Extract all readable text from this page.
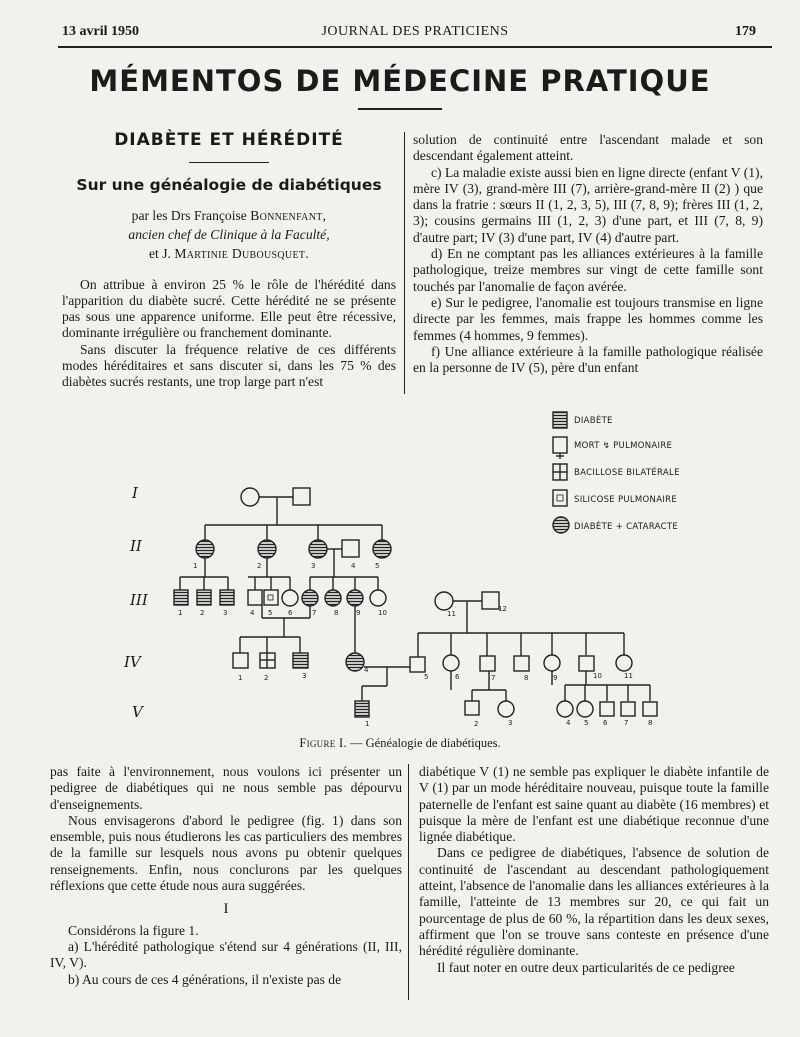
13 avril 1950	JOURNAL DES PRATICIENS	179
MÉMENTOS DE MÉDECINE PRATIQUE
DIABÈTE ET HÉRÉDITÉ
Sur une généalogie de diabétiques
par les Drs Françoise Bonnenfant,
ancien chef de Clinique à la Faculté,
et J. Martinie Dubousquet.

On attribue à environ 25 % le rôle de l'hérédité dans l'apparition du diabète sucré. Cette hérédité ne se présente pas sous une apparence uniforme. Elle peut être récessive, dominante irrégulière ou franchement dominante.

Sans discuter la fréquence relative de ces différents modes héréditaires et sans discuter si, dans les 75 % des diabètes sucrés restants, une trop large part n'est

solution de continuité entre l'ascendant malade et son descendant également atteint.

c) La maladie existe aussi bien en ligne directe (enfant V (1), mère IV (3), grand-mère III (7), arrière-grand-mère II (2) ) que dans la fratrie : sœurs II (1, 2, 3, 5), III (7, 8, 9); frères III (1, 2, 3); cousins germains III (1, 2, 3) d'une part, et III (7, 8, 9) d'autre part; IV (3) d'une part, IV (4) d'autre part.

d) En ne comptant pas les alliances extérieures à la famille pathologique, treize membres sur vingt de cette famille sont touchés par l'anomalie de façon avérée.

e) Sur le pedigree, l'anomalie est toujours transmise en ligne directe par les femmes, mais frappe les hommes comme les femmes (4 hommes, 9 femmes).

f) Une alliance extérieure à la famille pathologique réalisée en la personne de IV (5), père d'un enfant

1	2	3	4	5
1	2	3	4 5 6	7	8	9	10	11
12
1	2	3
4
5	6	7	8	9	10	11
1	2	3	4 5 6 7	8
I
II
III
IV
V
DIABÈTE
MORT ↯ PULMONAIRE
BACILLOSE BILATÉRALE
SILICOSE PULMONAIRE
DIABÈTE + CATARACTE
Figure I. — Généalogie de diabétiques.

pas faite à l'environnement, nous voulons ici présenter un pedigree de diabétiques qui ne nous semble pas dépourvu d'enseignements.

Nous envisagerons d'abord le pedigree (fig. 1) dans son ensemble, puis nous étudierons les cas particuliers des membres de la famille sur lesquels nous avons pu obtenir quelques renseignements. Enfin, nous conclurons par les quelques réflexions que cette étude nous aura suggérées.

I

Considérons la figure 1.

a) L'hérédité pathologique s'étend sur 4 générations (II, III, IV, V).

b) Au cours de ces 4 générations, il n'existe pas de

diabétique V (1) ne semble pas expliquer le diabète infantile de V (1) par un mode héréditaire nouveau, puisque toute la famille paternelle de l'enfant est saine quant au diabète (16 membres) et puisque la mère de l'enfant est une diabétique reconnue d'une lignée diabétique.

Dans ce pedigree de diabétiques, l'absence de solution de continuité de l'ascendant au descendant pathologiquement atteint, l'absence de l'anomalie dans les alliances extérieures à la famille, l'atteinte de 13 membres sur 20, ce qui fait un pourcentage de plus de 60 %, la répartition dans les deux sexes, affirment que l'on se trouve sans conteste en présence d'une hérédité régulière dominante.

Il faut noter en outre deux particularités de ce pedigree
